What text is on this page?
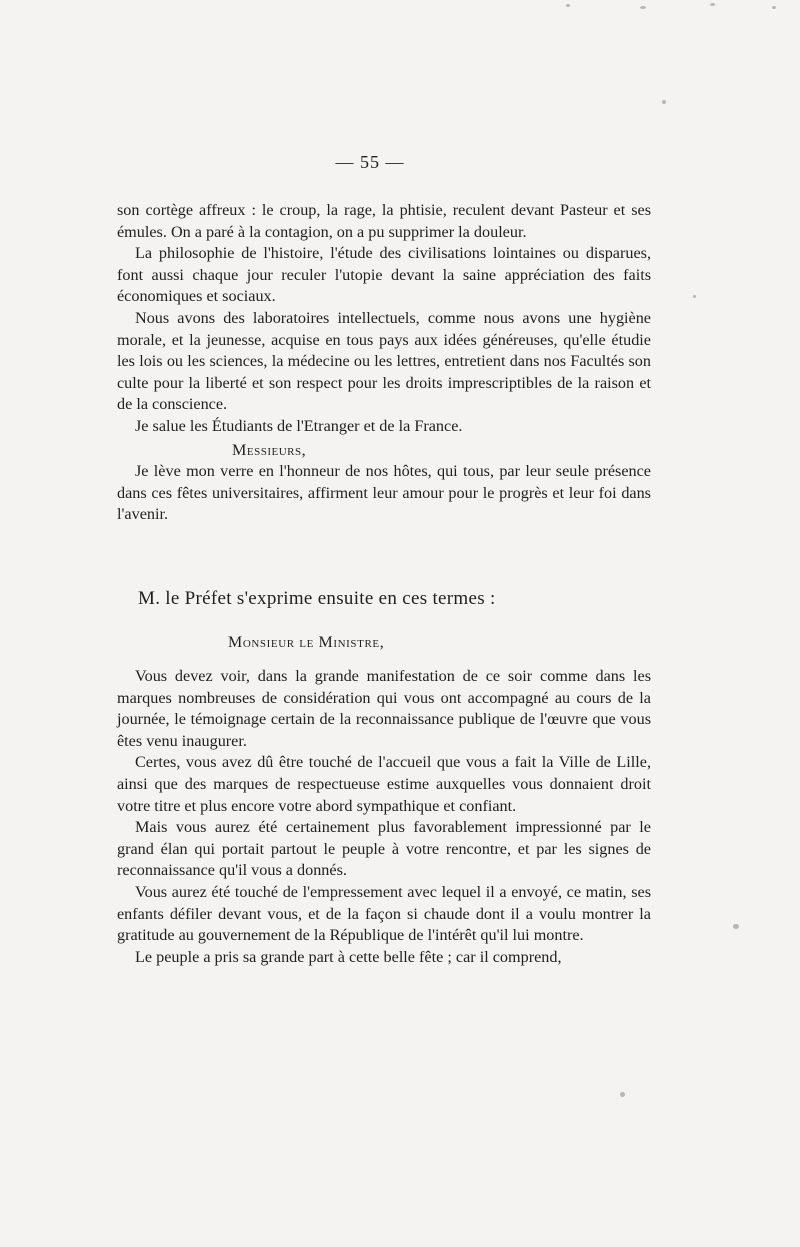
— 55 —

son cortège affreux : le croup, la rage, la phtisie, reculent devant Pasteur et ses émules. On a paré à la contagion, on a pu supprimer la douleur.

La philosophie de l'histoire, l'étude des civilisations lointaines ou disparues, font aussi chaque jour reculer l'utopie devant la saine appréciation des faits économiques et sociaux.

Nous avons des laboratoires intellectuels, comme nous avons une hygiène morale, et la jeunesse, acquise en tous pays aux idées généreuses, qu'elle étudie les lois ou les sciences, la médecine ou les lettres, entretient dans nos Facultés son culte pour la liberté et son respect pour les droits imprescriptibles de la raison et de la conscience.

Je salue les Étudiants de l'Etranger et de la France.

Messieurs,

Je lève mon verre en l'honneur de nos hôtes, qui tous, par leur seule présence dans ces fêtes universitaires, affirment leur amour pour le progrès et leur foi dans l'avenir.

M. le Préfet s'exprime ensuite en ces termes :
Monsieur le Ministre,

Vous devez voir, dans la grande manifestation de ce soir comme dans les marques nombreuses de considération qui vous ont accompagné au cours de la journée, le témoignage certain de la reconnaissance publique de l'œuvre que vous êtes venu inaugurer.

Certes, vous avez dû être touché de l'accueil que vous a fait la Ville de Lille, ainsi que des marques de respectueuse estime auxquelles vous donnaient droit votre titre et plus encore votre abord sympathique et confiant.

Mais vous aurez été certainement plus favorablement impressionné par le grand élan qui portait partout le peuple à votre rencontre, et par les signes de reconnaissance qu'il vous a donnés.

Vous aurez été touché de l'empressement avec lequel il a envoyé, ce matin, ses enfants défiler devant vous, et de la façon si chaude dont il a voulu montrer la gratitude au gouvernement de la République de l'intérêt qu'il lui montre.

Le peuple a pris sa grande part à cette belle fête ; car il comprend,
